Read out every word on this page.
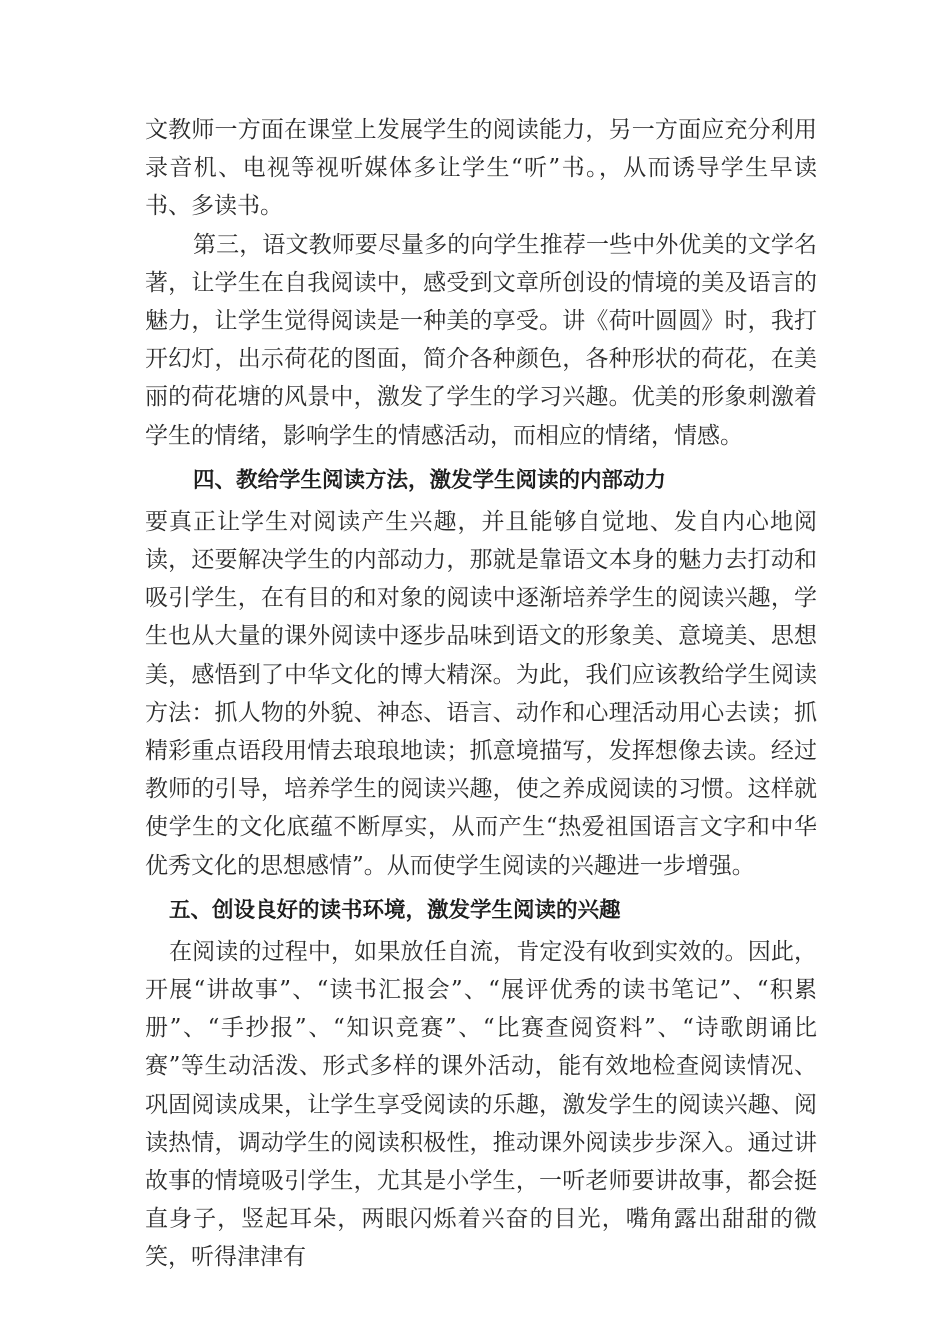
文教师一方面在课堂上发展学生的阅读能力，另一方面应充分利用录音机、电视等视听媒体多让学生“听”书。，从而诱导学生早读书、多读书。

第三，语文教师要尽量多的向学生推荐一些中外优美的文学名著，让学生在自我阅读中，感受到文章所创设的情境的美及语言的魅力，让学生觉得阅读是一种美的享受。讲《荷叶圆圆》时，我打开幻灯，出示荷花的图面，简介各种颜色，各种形状的荷花，在美丽的荷花塘的风景中，激发了学生的学习兴趣。优美的形象刺激着学生的情绪，影响学生的情感活动，而相应的情绪，情感。

四、教给学生阅读方法，激发学生阅读的内部动力

要真正让学生对阅读产生兴趣，并且能够自觉地、发自内心地阅读，还要解决学生的内部动力，那就是靠语文本身的魅力去打动和吸引学生，在有目的和对象的阅读中逐渐培养学生的阅读兴趣，学生也从大量的课外阅读中逐步品味到语文的形象美、意境美、思想美，感悟到了中华文化的博大精深。为此，我们应该教给学生阅读方法：抓人物的外貌、神态、语言、动作和心理活动用心去读；抓精彩重点语段用情去琅琅地读；抓意境描写，发挥想像去读。经过教师的引导，培养学生的阅读兴趣，使之养成阅读的习惯。这样就使学生的文化底蕴不断厚实，从而产生“热爱祖国语言文字和中华优秀文化的思想感情”。从而使学生阅读的兴趣进一步增强。

五、创设良好的读书环境，激发学生阅读的兴趣

在阅读的过程中，如果放任自流，肯定没有收到实效的。因此，开展“讲故事”、“读书汇报会”、“展评优秀的读书笔记”、“积累册”、“手抄报”、“知识竞赛”、“比赛查阅资料”、“诗歌朗诵比赛”等生动活泼、形式多样的课外活动，能有效地检查阅读情况、巩固阅读成果，让学生享受阅读的乐趣，激发学生的阅读兴趣、阅读热情，调动学生的阅读积极性，推动课外阅读步步深入。通过讲故事的情境吸引学生，尤其是小学生，一听老师要讲故事，都会挺直身子，竖起耳朵，两眼闪烁着兴奋的目光，嘴角露出甜甜的微笑，听得津津有
